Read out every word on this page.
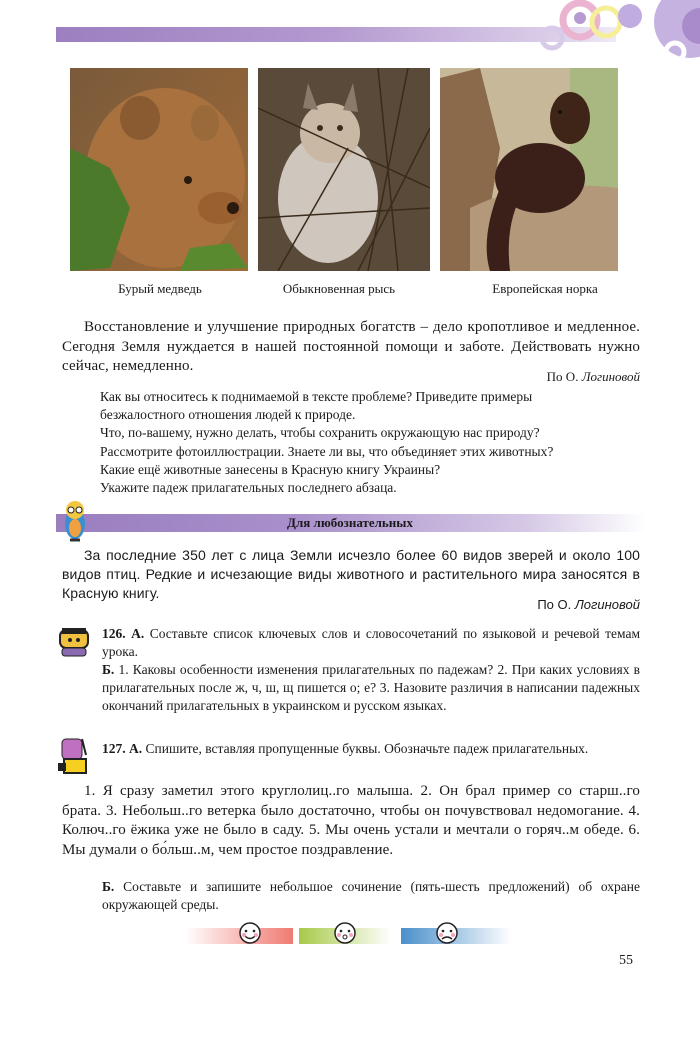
Бурый медведь	Обыкновенная рысь	Европейская норка
Восстановление и улучшение природных богатств – дело кропотливое и медленное. Сегодня Земля нуждается в нашей постоянной помощи и заботе. Действовать нужно сейчас, немедленно.
По О. Логиновой
Как вы относитесь к поднимаемой в тексте проблеме? Приведите примеры
безжалостного отношения людей к природе.
Что, по-вашему, нужно делать, чтобы сохранить окружающую нас природу?
Рассмотрите фотоиллюстрации. Знаете ли вы, что объединяет этих животных?
Какие ещё животные занесены в Красную книгу Украины?
Укажите падеж прилагательных последнего абзаца.
Для любознательных
За последние 350 лет с лица Земли исчезло более 60 видов зверей и около 100 видов птиц. Редкие и исчезающие виды животного и растительного мира заносятся в Красную книгу.
По О. Логиновой
126. А. Составьте список ключевых слов и словосочетаний по языковой и речевой темам урока.
Б. 1. Каковы особенности изменения прилагательных по падежам? 2. При каких условиях в прилагательных после ж, ч, ш, щ пишется о; е? 3. Назовите различия в написании падежных окончаний прилагательных в украинском и русском языках.
127. А. Спишите, вставляя пропущенные буквы. Обозначьте падеж прилагательных.
1. Я сразу заметил этого круглолиц..го малыша. 2. Он брал пример со старш..го брата. 3. Небольш..го ветерка было достаточно, чтобы он почувствовал недомогание. 4. Колюч..го ёжика уже не было в саду. 5. Мы очень устали и мечтали о горяч..м обеде. 6. Мы думали о бо́льш..м, чем простое поздравление.
Б. Составьте и запишите небольшое сочинение (пять-шесть предложений) об охране окружающей среды.
55
